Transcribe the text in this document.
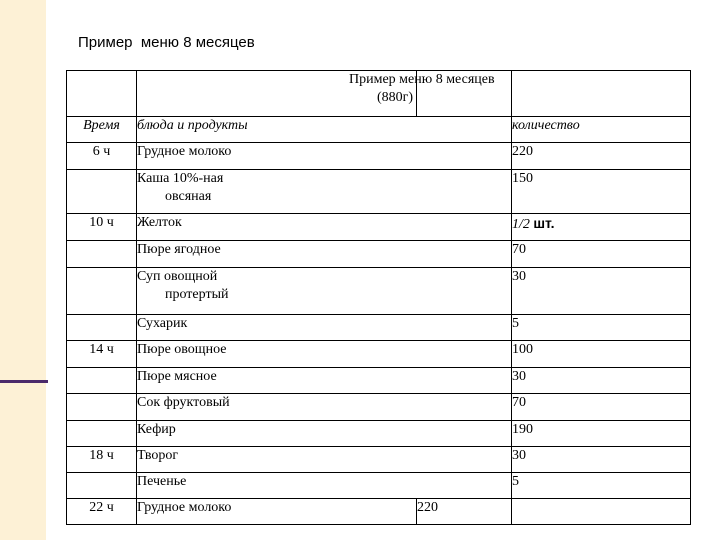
Пример  меню 8 месяцев

		Пример меню 8 месяцев
(880г)	

Время	блюда и продукты		количество
6 ч	Грудное молоко		220
	Каша 10%-ная
овсяная		150
10 ч	Желток		1/2 шт.
	Пюре ягодное		70
	Суп овощной
протертый		30
	Сухарик		5
14 ч	Пюре овощное		100
	Пюре мясное		30
	Сок фруктовый		70
	Кефир		190
18 ч	Творог		30
	Печенье		5
22 ч	Грудное молоко	220	
